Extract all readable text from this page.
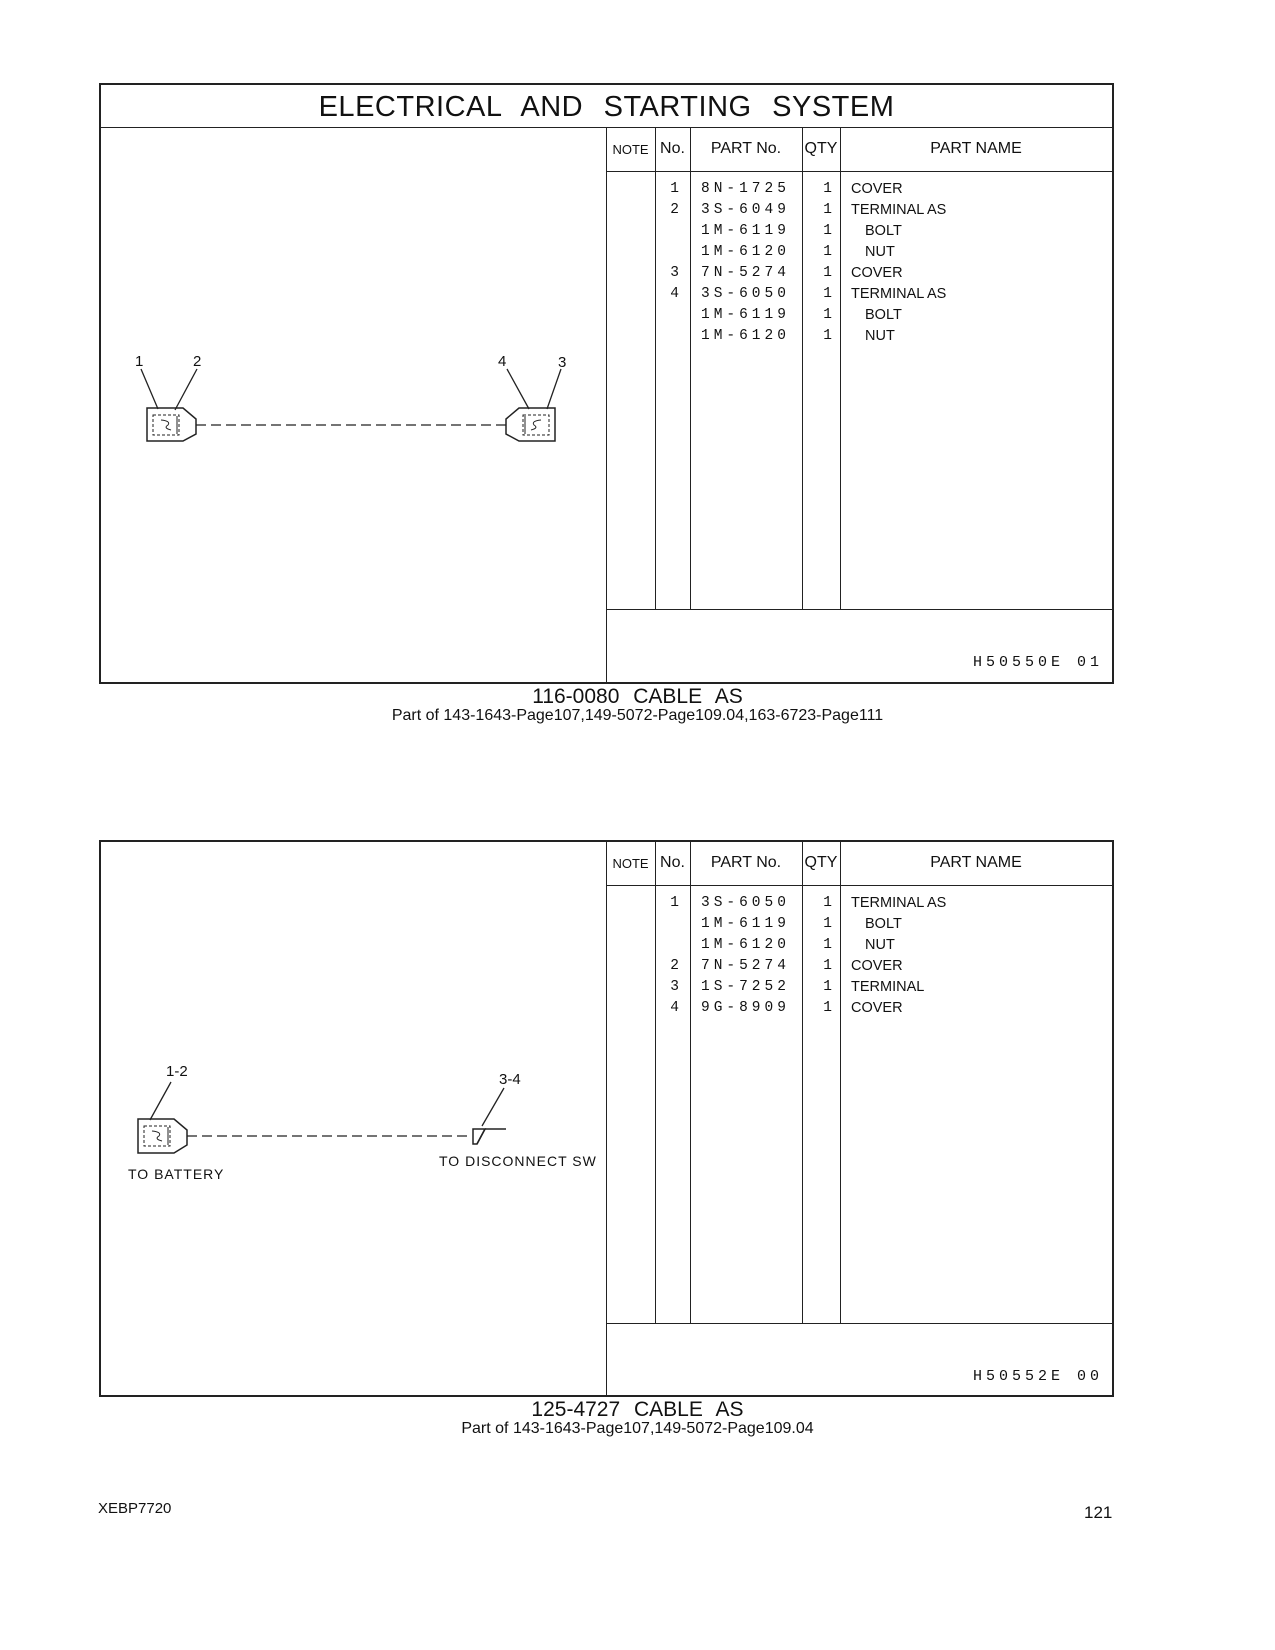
ELECTRICAL AND STARTING SYSTEM
1	2	4	3
NOTE No.	PART No.	QTY	PART NAME
1 8N-1725	1 COVER
2 3S-6049	1 TERMINAL AS
1M-6119	1 BOLT
1M-6120	1 NUT
3 7N-5274	1 COVER
4 3S-6050	1 TERMINAL AS
1M-6119	1 BOLT
1M-6120	1 NUT
H50550E 01
116-0080 CABLE AS
Part of 143-1643-Page107,149-5072-Page109.04,163-6723-Page111
1-2	3-4
TO BATTERY
TO DISCONNECT SW
NOTE No.	PART No.	QTY	PART NAME
1 3S-6050	1 TERMINAL AS
1M-6119	1 BOLT
1M-6120	1 NUT
2 7N-5274	1 COVER
3 1S-7252	1 TERMINAL
4 9G-8909	1 COVER
H50552E 00
125-4727 CABLE AS
Part of 143-1643-Page107,149-5072-Page109.04
XEBP7720	121
